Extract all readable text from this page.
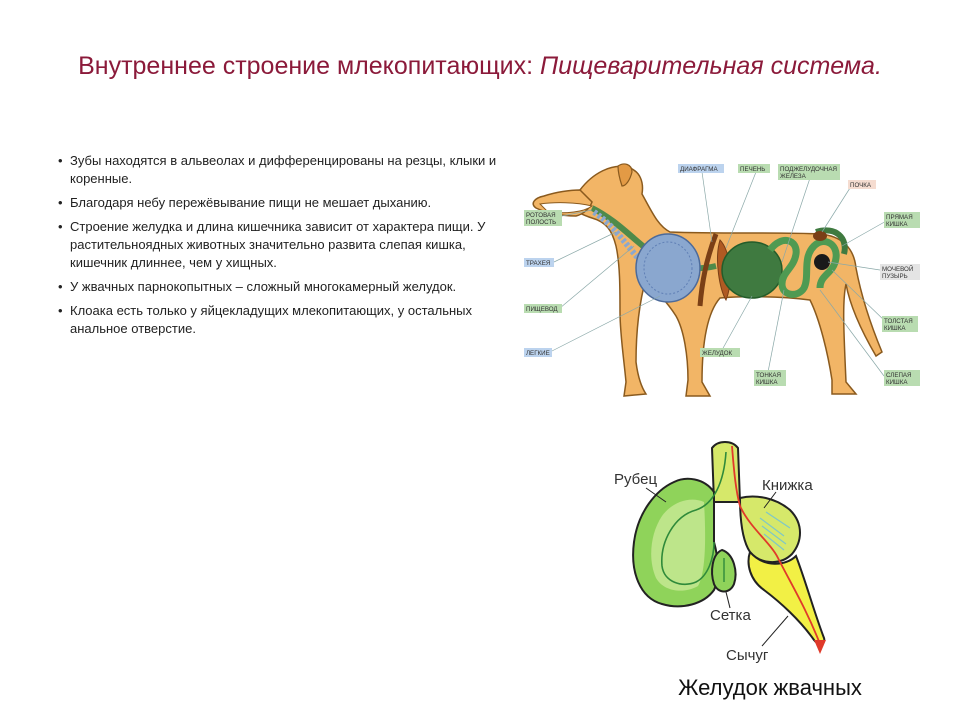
Внутреннее строение млекопитающих: Пищеварительная система.
• Зубы находятся в альвеолах и дифференцированы на резцы, клыки и коренные.
• Благодаря небу пережёвывание пищи не мешает дыханию.
• Строение желудка и длина кишечника зависит от характера пищи. У растительноядных животных значительно развита слепая кишка, кишечник длиннее, чем у хищных.
• У жвачных парнокопытных – сложный многокамерный желудок.
• Клоака есть только у яйцекладущих млекопитающих, у остальных анальное отверстие.
РОТОВАЯ
ПОЛОСТЬ
ТРАХЕЯ
ПИЩЕВОД
ЛЕГКИЕ
ДИАФРАГМА	ПЕЧЕНЬ ПОДЖЕЛУДОЧНАЯ
ЖЕЛЕЗА
ПОЧКА
ПРЯМАЯ
КИШКА
МОЧЕВОЙ
ПУЗЫРЬ
ТОЛСТАЯ
КИШКА
СЛЕПАЯ
КИШКА
ЖЕЛУДОК
ТОНКАЯ
КИШКА
Рубец	Книжка
Сетка
Сычуг
Желудок жвачных
